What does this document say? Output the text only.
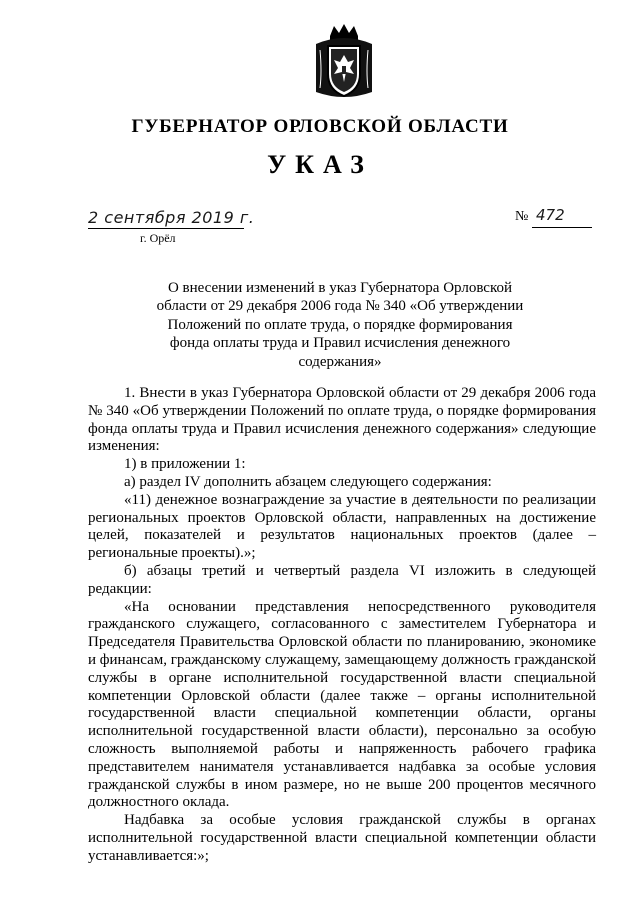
ГУБЕРНАТОР ОРЛОВСКОЙ ОБЛАСТИ
УКАЗ
2 сентября 2019 г.
г. Орёл
№ 472
О внесении изменений в указ Губернатора Орловской
области от 29 декабря 2006 года № 340 «Об утверждении
Положений по оплате труда, о порядке формирования
фонда оплаты труда и Правил исчисления денежного
содержания»

1. Внести в указ Губернатора Орловской области от 29 декабря 2006 года № 340 «Об утверждении Положений по оплате труда, о порядке формирования фонда оплаты труда и Правил исчисления денежного содержания» следующие изменения:

1) в приложении 1:

а) раздел IV дополнить абзацем следующего содержания:

«11) денежное вознаграждение за участие в деятельности по реализации региональных проектов Орловской области, направленных на достижение целей, показателей и результатов национальных проектов (далее – региональные проекты).»;

б) абзацы третий и четвертый раздела VI изложить в следующей редакции:

«На основании представления непосредственного руководителя гражданского служащего, согласованного с заместителем Губернатора и Председателя Правительства Орловской области по планированию, экономике и финансам, гражданскому служащему, замещающему должность гражданской службы в органе исполнительной государственной власти специальной компетенции Орловской области (далее также – органы исполнительной государственной власти специальной компетенции области, органы исполнительной государственной власти области), персонально за особую сложность выполняемой работы и напряженность рабочего графика представителем нанимателя устанавливается надбавка за особые условия гражданской службы в ином размере, но не выше 200 процентов месячного должностного оклада.

Надбавка за особые условия гражданской службы в органах исполнительной государственной власти специальной компетенции области устанавливается:»;
